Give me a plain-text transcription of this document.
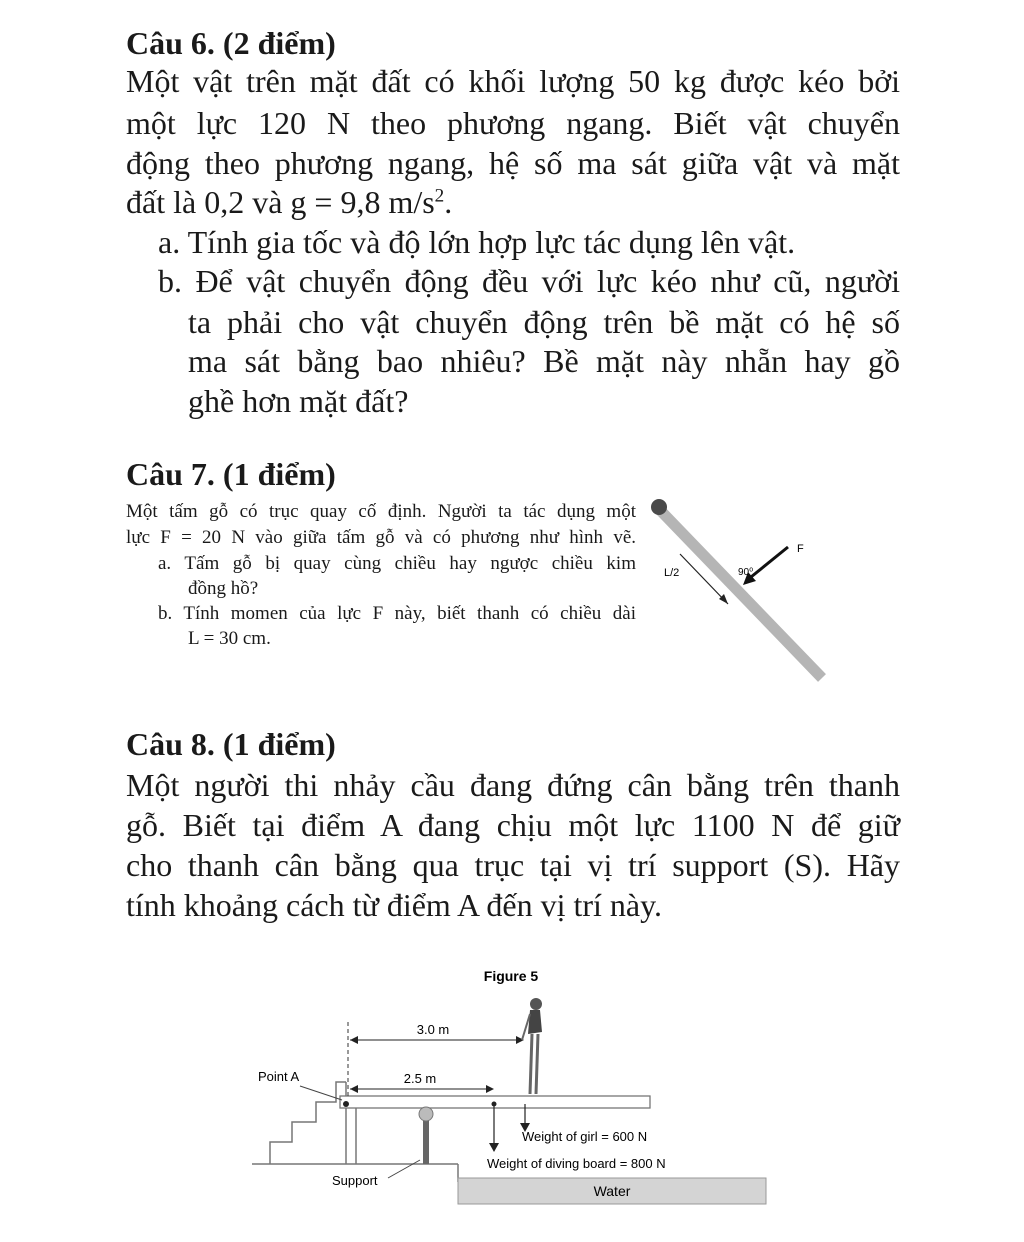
Câu 6. (2 điểm)
Một vật trên mặt đất có khối lượng 50 kg được kéo bởi
một lực 120 N theo phương ngang. Biết vật chuyển
động theo phương ngang, hệ số ma sát giữa vật và mặt
đất là 0,2 và g = 9,8 $m/s^2$.
a. Tính gia tốc và độ lớn hợp lực tác dụng lên vật.
b. Để vật chuyển động đều với lực kéo như cũ, người
ta phải cho vật chuyển động trên bề mặt có hệ số
ma sát bằng bao nhiêu? Bề mặt này nhẵn hay gồ
ghề hơn mặt đất?
Câu 7. (1 điểm)
Một tấm gỗ có trục quay cố định. Người ta tác dụng một
lực F = 20 N vào giữa tấm gỗ và có phương như hình vẽ.
a. Tấm gỗ bị quay cùng chiều hay ngược chiều kim
đồng hồ?
b. Tính momen của lực F này, biết thanh có chiều dài
L = 30 cm.
L/2
F
90⁰
Câu 8. (1 điểm)
Một người thi nhảy cầu đang đứng cân bằng trên thanh
gỗ. Biết tại điểm A đang chịu một lực 1100 N để giữ
cho thanh cân bằng qua trục tại vị trí support (S). Hãy
tính khoảng cách từ điểm A đến vị trí này.
Figure 5
Water
Point A
Support
3.0 m
2.5 m
Weight of diving board = 800 N
Weight of girl = 600 N
